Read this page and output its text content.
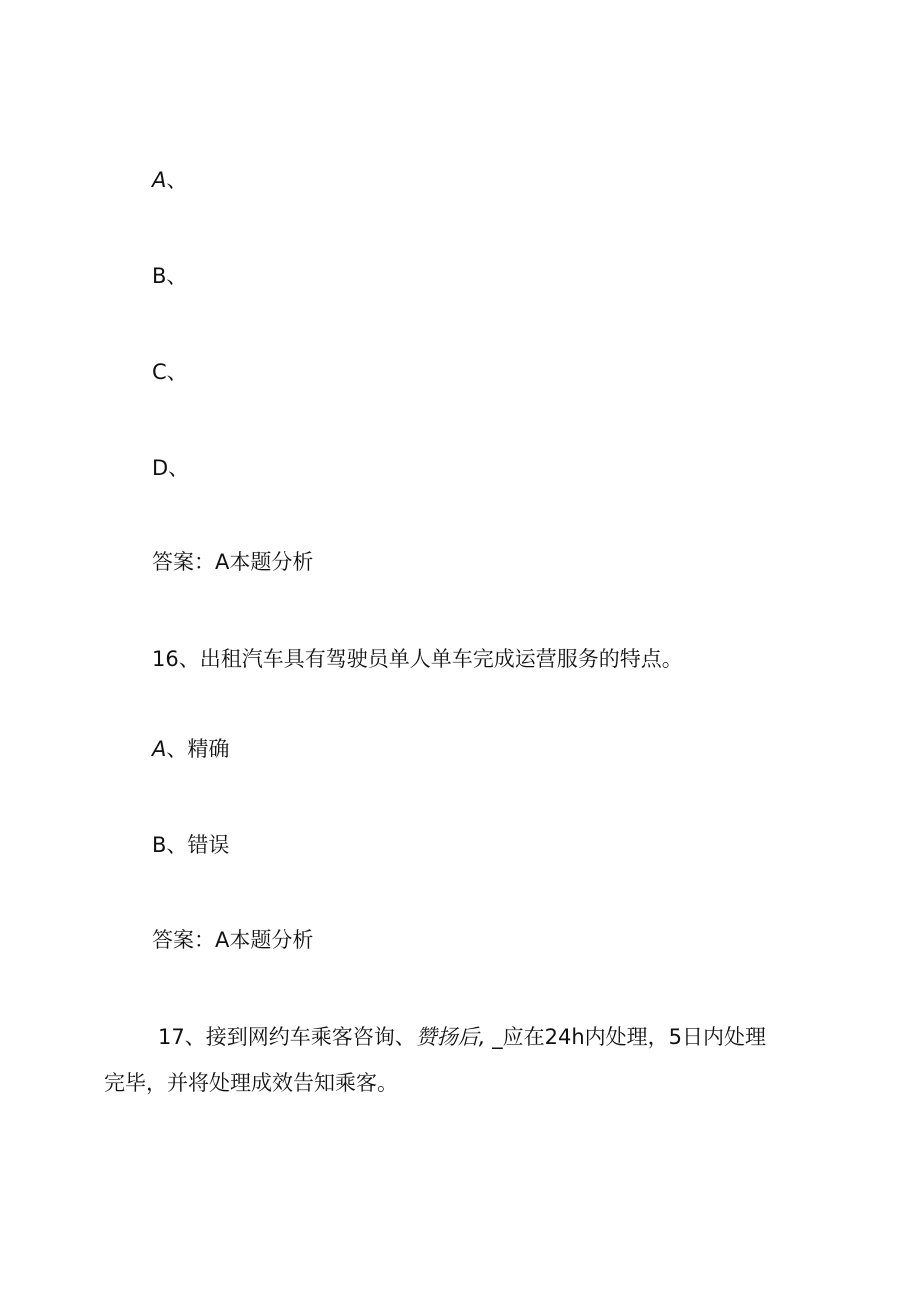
A、
B、
C、
D、
答案：A本题分析
16、出租汽车具有驾驶员单人单车完成运营服务的特点。
A、精确
B、错误
答案：A本题分析
17、接到网约车乘客咨询、赞扬后, _应在24h内处理，5日内处理
完毕，并将处理成效告知乘客。
